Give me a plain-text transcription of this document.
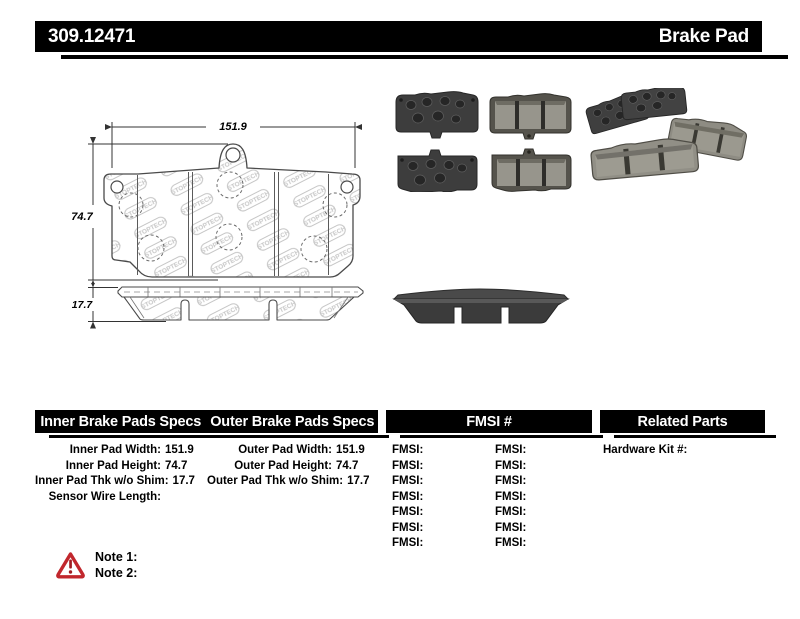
309.12471	Brake Pad
151.9
74.7
17.7
Inner Brake Pads Specs Outer Brake Pads Specs	FMSI #	Related Parts
Inner Pad Width: 151.9
Inner Pad Height: 74.7
Inner Pad Thk w/o Shim: 17.7
Sensor Wire Length:
Outer Pad Width: 151.9
Outer Pad Height: 74.7
Outer Pad Thk w/o Shim: 17.7
FMSI:
FMSI:
FMSI:
FMSI:
FMSI:
FMSI:
FMSI:
FMSI:
FMSI:
FMSI:
FMSI:
FMSI:
FMSI:
FMSI:
Hardware Kit #:
Note 1:
Note 2:
